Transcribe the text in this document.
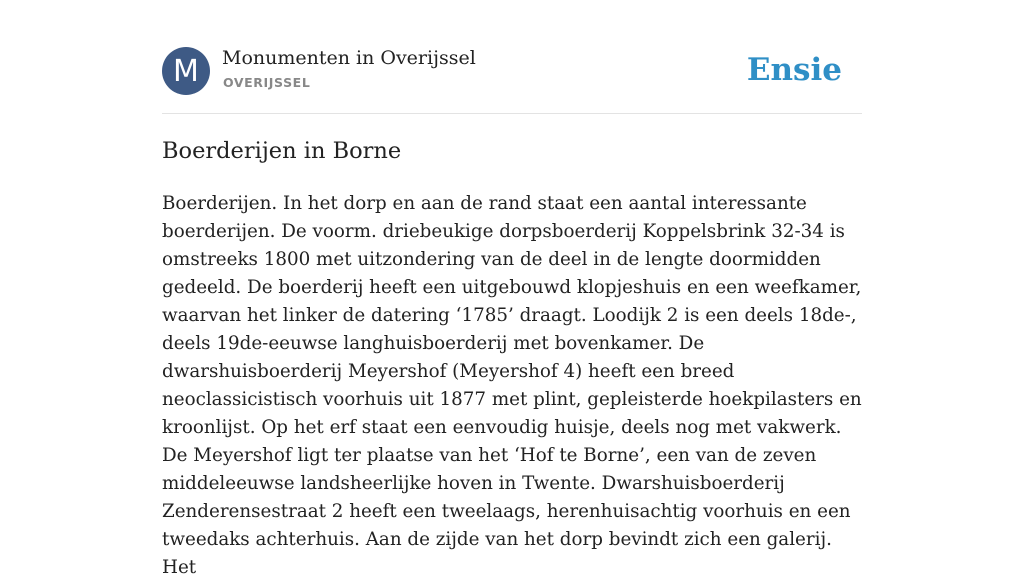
M	Monumenten in Overijssel
OVERIJSSEL	Ensie
Boerderijen in Borne

Boerderijen. In het dorp en aan de rand staat een aantal interessante boerderijen. De voorm. driebeukige dorpsboerderij Koppelsbrink 32-34 is omstreeks 1800 met uitzondering van de deel in de lengte doormidden gedeeld. De boerderij heeft een uitgebouwd klopjeshuis en een weefkamer, waarvan het linker de datering ‘1785’ draagt. Loodijk 2 is een deels 18de-, deels 19de-eeuwse langhuisboerderij met bovenkamer. De dwarshuisboerderij Meyershof (Meyershof 4) heeft een breed neoclassicistisch voorhuis uit 1877 met plint, gepleisterde hoekpilasters en kroonlijst. Op het erf staat een eenvoudig huisje, deels nog met vakwerk. De Meyershof ligt ter plaatse van het ‘Hof te Borne’, een van de zeven middeleeuwse landsheerlijke hoven in Twente. Dwarshuisboerderij Zenderensestraat 2 heeft een tweelaags, herenhuisachtig voorhuis en een tweedaks achterhuis. Aan de zijde van het dorp bevindt zich een galerij. Het
